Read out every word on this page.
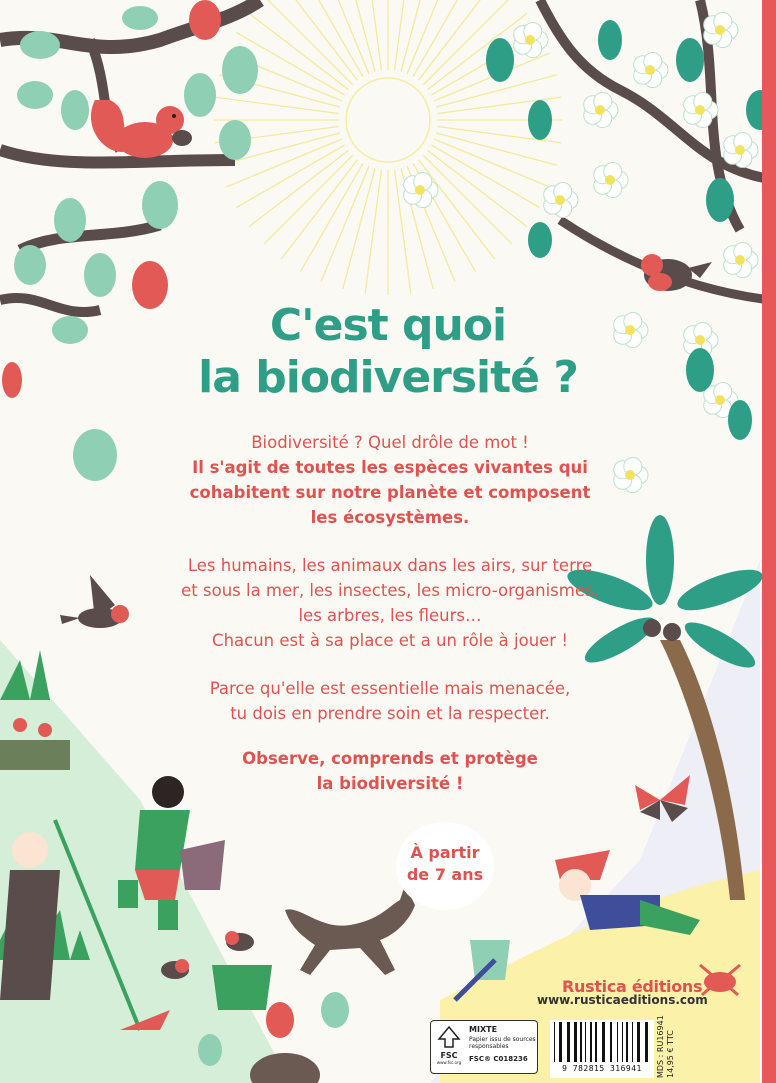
C'est quoi
la biodiversité ?
Biodiversité ? Quel drôle de mot !
Il s'agit de toutes les espèces vivantes qui
cohabitent sur notre planète et composent
les écosystèmes.
Les humains, les animaux dans les airs, sur terre
et sous la mer, les insectes, les micro-organismes,
les arbres, les fleurs…
Chacun est à sa place et a un rôle à jouer !
Parce qu'elle est essentielle mais menacée,
tu dois en prendre soin et la respecter.
Observe, comprends et protège
la biodiversité !
À partir
de 7 ans
Rustica éditions
www.rusticaeditions.com
FSC
www.fsc.org
MIXTE
Papier issu de sources responsables
FSC® C018236
9 782815 316941	MDS : RU16941 14,95 € TTC
